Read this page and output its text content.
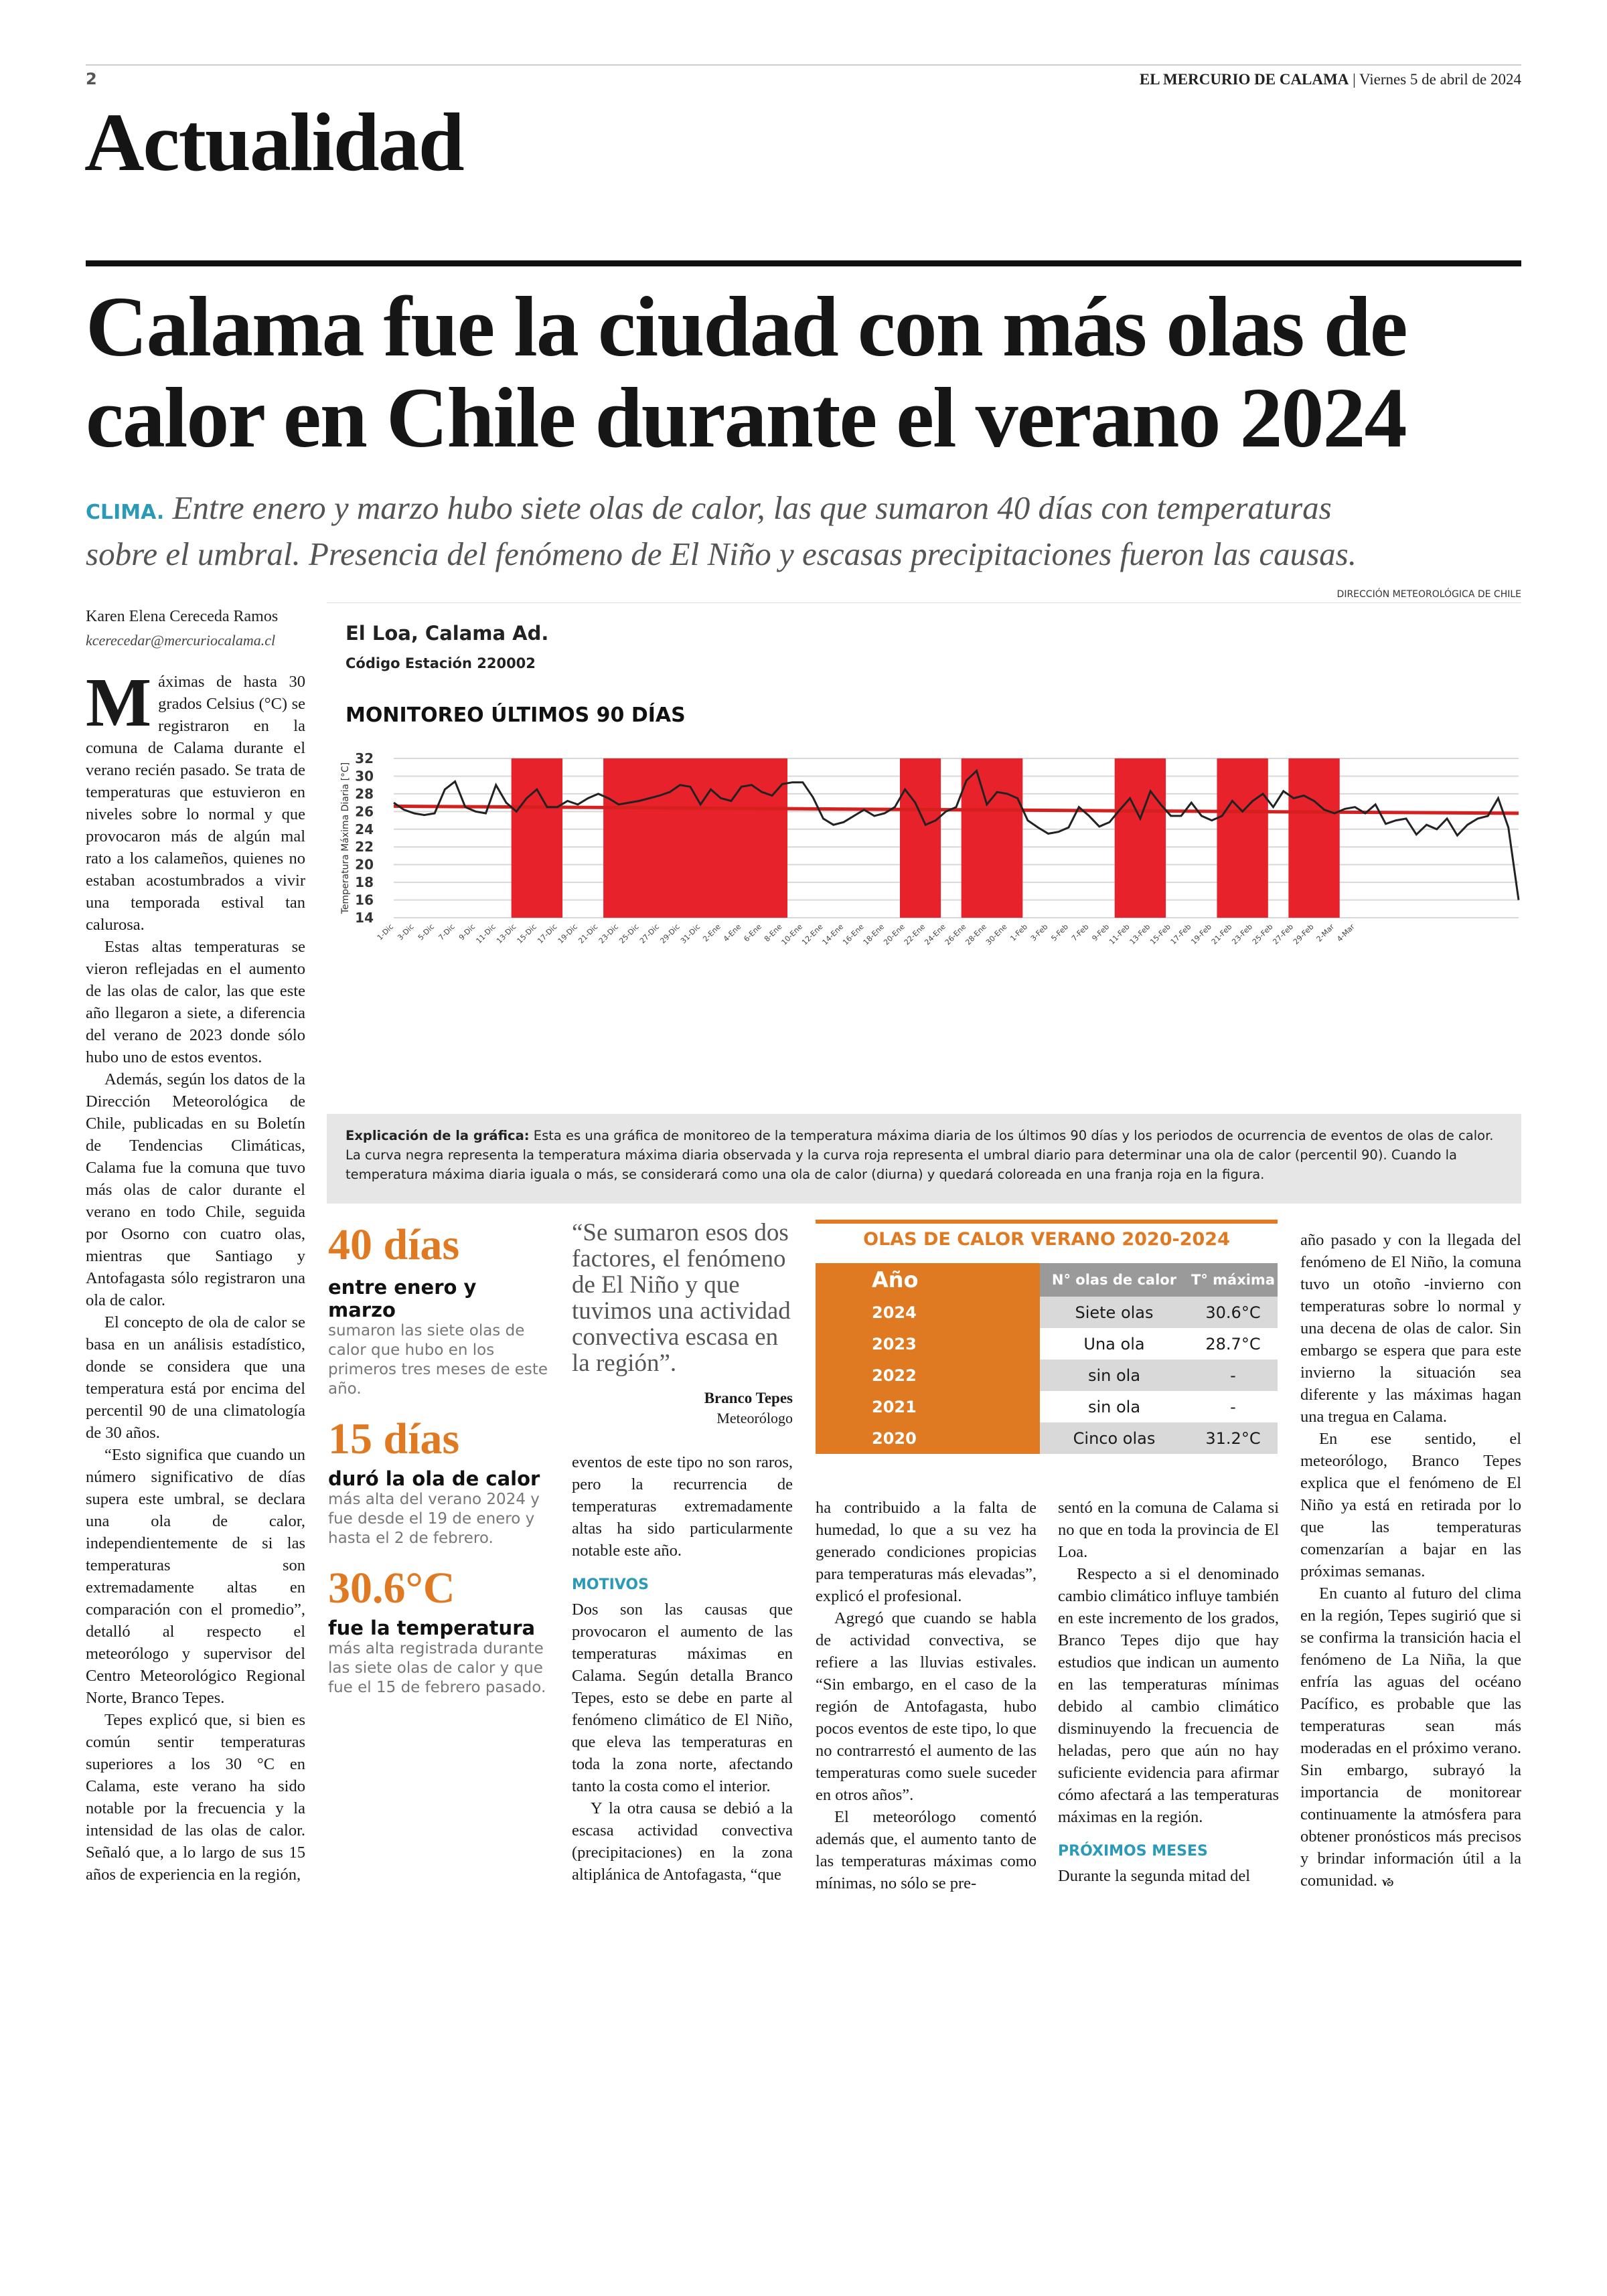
2	EL MERCURIO DE CALAMA | Viernes 5 de abril de 2024
Actualidad
Calama fue la ciudad con más olas de
calor en Chile durante el verano 2024
CLIMA. Entre enero y marzo hubo siete olas de calor, las que sumaron 40 días con temperaturas
sobre el umbral. Presencia del fenómeno de El Niño y escasas precipitaciones fueron las causas.
Karen Elena Cereceda Ramos
kcerecedar@mercuriocalama.cl
M áximas de hasta 30 grados Celsius (°C) se registraron en la comuna de Calama durante el verano recién pasado. Se trata de temperaturas que estuvieron en niveles sobre lo normal y que provocaron más de algún mal rato a los calameños, quienes no estaban acostumbrados a vivir una temporada estival tan calurosa.

Estas altas temperaturas se vieron reflejadas en el aumento de las olas de calor, las que este año llegaron a siete, a diferencia del verano de 2023 donde sólo hubo uno de estos eventos.

Además, según los datos de la Dirección Meteorológica de Chile, publicadas en su Boletín de Tendencias Climáticas, Calama fue la comuna que tuvo más olas de calor durante el verano en todo Chile, seguida por Osorno con cuatro olas, mientras que Santiago y Antofagasta sólo registraron una ola de calor.

El concepto de ola de calor se basa en un análisis estadístico, donde se considera que una temperatura está por encima del percentil 90 de una climatología de 30 años.

“Esto significa que cuando un número significativo de días supera este umbral, se declara una ola de calor, independientemente de si las temperaturas son extremadamente altas en comparación con el promedio”, detalló al respecto el meteorólogo y supervisor del Centro Meteorológico Regional Norte, Branco Tepes.

Tepes explicó que, si bien es común sentir temperaturas superiores a los 30 °C en Calama, este verano ha sido notable por la frecuencia y la intensidad de las olas de calor. Señaló que, a lo largo de sus 15 años de experiencia en la región,

DIRECCIÓN METEOROLÓGICA DE CHILE
El Loa, Calama Ad.
Código Estación 220002
MONITOREO ÚLTIMOS 90 DÍAS
14
16
18
20
22
24
26
28
30
32
Temperatura Máxima Diaria [°C]
1-Dic 3-Dic 5-Dic 7-Dic 9-Dic
11-Dic
13-Dic
15-Dic
17-Dic
19-Dic
21-Dic
23-Dic
25-Dic
27-Dic
29-Dic
31-Dic
2-Ene
4-Ene
6-Ene
8-Ene
10-Ene
12-Ene
14-Ene
16-Ene
18-Ene
20-Ene
22-Ene
24-Ene
26-Ene
28-Ene
30-Ene 1-Feb 3-Feb 5-Feb 7-Feb 9-Feb
11-Feb
13-Feb
15-Feb
17-Feb
19-Feb
21-Feb
23-Feb
25-Feb
27-Feb
29-Feb
2-Mar
4-Mar
Explicación de la gráfica: Esta es una gráfica de monitoreo de la temperatura máxima diaria de los últimos 90 días y los periodos de ocurrencia de eventos de olas de calor. La curva negra representa la temperatura máxima diaria observada y la curva roja representa el umbral diario para determinar una ola de calor (percentil 90). Cuando la temperatura máxima diaria iguala o más, se considerará como una ola de calor (diurna) y quedará coloreada en una franja roja en la figura.
40 días
entre enero y marzo
sumaron las siete olas de calor que hubo en los primeros tres meses de este año.
15 días
duró la ola de calor
más alta del verano 2024 y fue desde el 19 de enero y hasta el 2 de febrero.
30.6°C
fue la temperatura
más alta registrada durante las siete olas de calor y que fue el 15 de febrero pasado.
“Se sumaron esos dos factores, el fenómeno de El Niño y que tuvimos una actividad convectiva escasa en la región”.
Branco Tepes
Meteorólogo

eventos de este tipo no son raros, pero la recurrencia de temperaturas extremadamente altas ha sido particularmente notable este año.

MOTIVOS

Dos son las causas que provocaron el aumento de las temperaturas máximas en Calama. Según detalla Branco Tepes, esto se debe en parte al fenómeno climático de El Niño, que eleva las temperaturas en toda la zona norte, afectando tanto la costa como el interior.

Y la otra causa se debió a la escasa actividad convectiva (precipitaciones) en la zona altiplánica de Antofagasta, “que

OLAS DE CALOR VERANO 2020-2024
Año	N° olas de calor	T° máxima
2024	Siete olas	30.6°C
2023	Una ola	28.7°C
2022	sin ola	-
2021	sin ola	-
2020	Cinco olas	31.2°C

ha contribuido a la falta de humedad, lo que a su vez ha generado condiciones propicias para temperaturas más elevadas”, explicó el profesional.

Agregó que cuando se habla de actividad convectiva, se refiere a las lluvias estivales. “Sin embargo, en el caso de la región de Antofagasta, hubo pocos eventos de este tipo, lo que no contrarrestó el aumento de las temperaturas como suele suceder en otros años”.

El meteorólogo comentó además que, el aumento tanto de las temperaturas máximas como mínimas, no sólo se pre-

sentó en la comuna de Calama si no que en toda la provincia de El Loa.

Respecto a si el denominado cambio climático influye también en este incremento de los grados, Branco Tepes dijo que hay estudios que indican un aumento en las temperaturas mínimas debido al cambio climático disminuyendo la frecuencia de heladas, pero que aún no hay suficiente evidencia para afirmar cómo afectará a las temperaturas máximas en la región.

PRÓXIMOS MESES

Durante la segunda mitad del

año pasado y con la llegada del fenómeno de El Niño, la comuna tuvo un otoño -invierno con temperaturas sobre lo normal y una decena de olas de calor. Sin embargo se espera que para este invierno la situación sea diferente y las máximas hagan una tregua en Calama.

En ese sentido, el meteorólogo, Branco Tepes explica que el fenómeno de El Niño ya está en retirada por lo que las temperaturas comenzarían a bajar en las próximas semanas.

En cuanto al futuro del clima en la región, Tepes sugirió que si se confirma la transición hacia el fenómeno de La Niña, la que enfría las aguas del océano Pacífico, es probable que las temperaturas sean más moderadas en el próximo verano. Sin embargo, subrayó la importancia de monitorear continuamente la atmósfera para obtener pronósticos más precisos y brindar información útil a la comunidad. ᏹ
